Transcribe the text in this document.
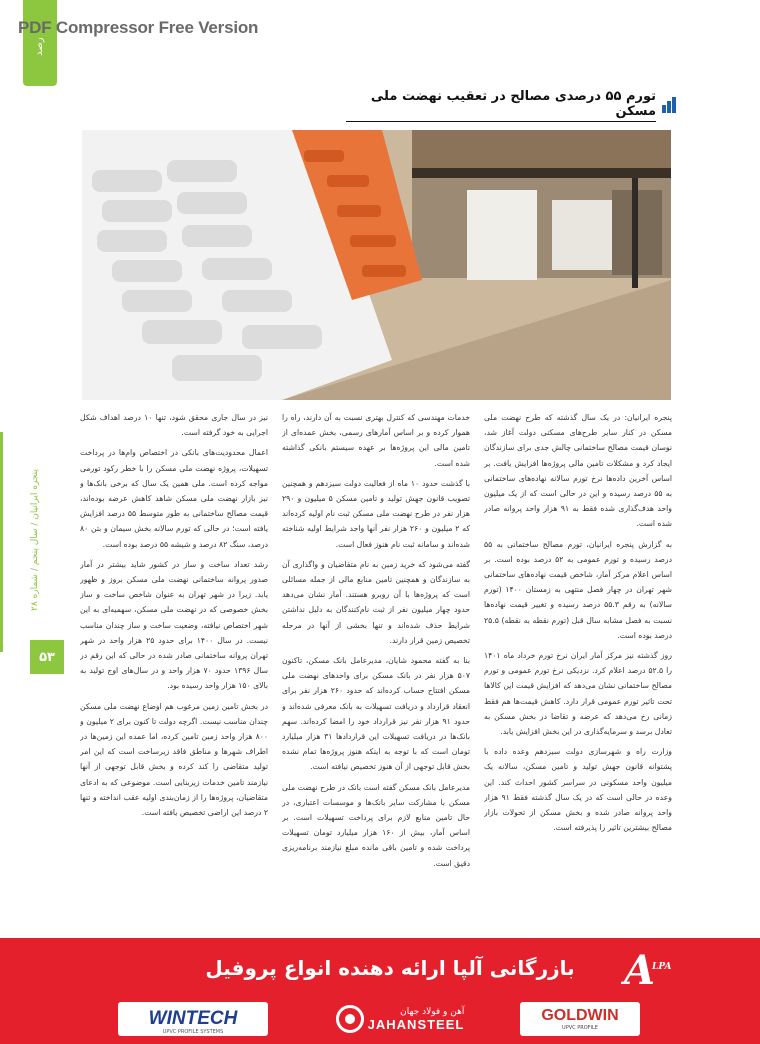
PDF Compressor Free Version
رصد
پنجره ایرانیان / سال پنجم / شماره ۲۸
۵۳
تورم ۵۵ درصدی مصالح در تعقیب نهضت ملی مسکن

پنجره ایرانیان: در یک سال گذشته که طرح نهضت ملی مسکن در کنار سایر طرح‌های مسکنی دولت آغاز شد، نوسان قیمت مصالح ساختمانی چالش جدی برای سازندگان ایجاد کرد و مشکلات تامین مالی پروژه‌ها افزایش یافت. بر اساس آخرین داده‌ها نرخ تورم سالانه نهاده‌های ساختمانی به ۵۵ درصد رسیده و این در حالی است که از یک میلیون واحد هدف‌گذاری شده فقط به ۹۱ هزار واحد پروانه صادر شده است.

به گزارش پنجره ایرانیان، تورم مصالح ساختمانی به ۵۵ درصد رسیده و تورم عمومی به ۵۲ درصد بوده است. بر اساس اعلام مرکز آمار، شاخص قیمت نهاده‌های ساختمانی شهر تهران در چهار فصل منتهی به زمستان ۱۴۰۰ (تورم سالانه) به رقم ۵۵.۳ درصد رسیده و تغییر قیمت نهاده‌ها نسبت به فصل مشابه سال قبل (تورم نقطه به نقطه) ۲۵.۵ درصد بوده است.

روز گذشته نیز مرکز آمار ایران نرخ تورم خرداد ماه ۱۴۰۱ را ۵۲.۵ درصد اعلام کرد. نزدیکی نرخ تورم عمومی و تورم مصالح ساختمانی نشان می‌دهد که افزایش قیمت این کالاها تحت تاثیر تورم عمومی قرار دارد. کاهش قیمت‌ها هم فقط زمانی رخ می‌دهد که عرضه و تقاضا در بخش مسکن به تعادل برسد و سرمایه‌گذاری در این بخش افزایش یابد.

وزارت راه و شهرسازی دولت سیزدهم وعده داده با پشتوانه قانون جهش تولید و تامین مسکن، سالانه یک میلیون واحد مسکونی در سراسر کشور احداث کند. این وعده در حالی است که در یک سال گذشته فقط ۹۱ هزار واحد پروانه صادر شده و بخش مسکن از تحولات بازار مصالح بیشترین تاثیر را پذیرفته است.

خدمات مهندسی که کنترل بهتری نسبت به آن دارند، راه را هموار کرده و بر اساس آمارهای رسمی، بخش عمده‌ای از تامین مالی این پروژه‌ها بر عهده سیستم بانکی گذاشته شده است.

با گذشت حدود ۱۰ ماه از فعالیت دولت سیزدهم و همچنین تصویب قانون جهش تولید و تامین مسکن ۵ میلیون و ۲۹۰ هزار نفر در طرح نهضت ملی مسکن ثبت نام اولیه کرده‌اند که ۲ میلیون و ۲۶۰ هزار نفر آنها واجد شرایط اولیه شناخته شده‌اند و سامانه ثبت نام هنوز فعال است.

گفته می‌شود که خرید زمین به نام متقاضیان و واگذاری آن به سازندگان و همچنین تامین منابع مالی از جمله مسائلی است که پروژه‌ها با آن روبرو هستند. آمار نشان می‌دهد حدود چهار میلیون نفر از ثبت نام‌کنندگان به دلیل نداشتن شرایط حذف شده‌اند و تنها بخشی از آنها در مرحله تخصیص زمین قرار دارند.

بنا به گفته محمود شایان، مدیرعامل بانک مسکن، تاکنون ۵۰۷ هزار نفر در بانک مسکن برای واحدهای نهضت ملی مسکن افتتاح حساب کرده‌اند که حدود ۲۶۰ هزار نفر برای انعقاد قرارداد و دریافت تسهیلات به بانک معرفی شده‌اند و حدود ۹۱ هزار نفر نیز قرارداد خود را امضا کرده‌اند. سهم بانک‌ها در دریافت تسهیلات این قراردادها ۳۱ هزار میلیارد تومان است که با توجه به اینکه هنوز پروژه‌ها تمام نشده بخش قابل توجهی از آن هنوز تخصیص نیافته است.

مدیرعامل بانک مسکن گفته است بانک در طرح نهضت ملی مسکن با مشارکت سایر بانک‌ها و موسسات اعتباری، در حال تامین منابع لازم برای پرداخت تسهیلات است. بر اساس آمار، بیش از ۱۶۰ هزار میلیارد تومان تسهیلات پرداخت شده و تامین باقی مانده مبلغ نیازمند برنامه‌ریزی دقیق است.

نیز در سال جاری محقق شود، تنها ۱۰ درصد اهداف شکل اجرایی به خود گرفته است.

اعمال محدودیت‌های بانکی در اختصاص وام‌ها در پرداخت تسهیلات، پروژه نهضت ملی مسکن را با خطر رکود تورمی مواجه کرده است. ملی همین یک سال که برخی بانک‌ها و نیز بازار نهضت ملی مسکن شاهد کاهش عرضه بوده‌اند، قیمت مصالح ساختمانی به طور متوسط ۵۵ درصد افزایش یافته است؛ در حالی که تورم سالانه بخش سیمان و بتن ۸۰ درصد، سنگ ۸۲ درصد و شیشه ۵۵ درصد بوده است.

رشد تعداد ساخت و ساز در کشور شاید بیشتر در آمار صدور پروانه ساختمانی نهضت ملی مسکن بروز و ظهور یابد. زیرا در شهر تهران به عنوان شاخص ساخت و ساز بخش خصوصی که در نهضت ملی مسکن، سهمیه‌ای به این شهر اختصاص نیافته، وضعیت ساخت و ساز چندان مناسب نیست. در سال ۱۴۰۰ برای حدود ۲۵ هزار واحد در شهر تهران پروانه ساختمانی صادر شده در حالی که این رقم در سال ۱۳۹۶ حدود ۷۰ هزار واحد و در سال‌های اوج تولید به بالای ۱۵۰ هزار واحد رسیده بود.

در بخش تامین زمین مرغوب هم اوضاع نهضت ملی مسکن چندان مناسب نیست. اگرچه دولت تا کنون برای ۲ میلیون و ۸۰۰ هزار واحد زمین تامین کرده، اما عمده این زمین‌ها در اطراف شهرها و مناطق فاقد زیرساخت است که این امر تولید متقاضی را کند کرده و بخش قابل توجهی از آنها نیازمند تامین خدمات زیربنایی است. موضوعی که به ادعای متقاضیان، پروژه‌ها را از زمان‌بندی اولیه عقب انداخته و تنها ۲ درصد این اراضی تخصیص یافته است.

بازرگانی آلپا ارائه دهنده انواع پروفیل	A
LPA
WINTECH
UPVC PROFILE SYSTEMS
آهن و فولاد جهان
JAHANSTEEL	GOLDWIN
UPVC PROFILE
